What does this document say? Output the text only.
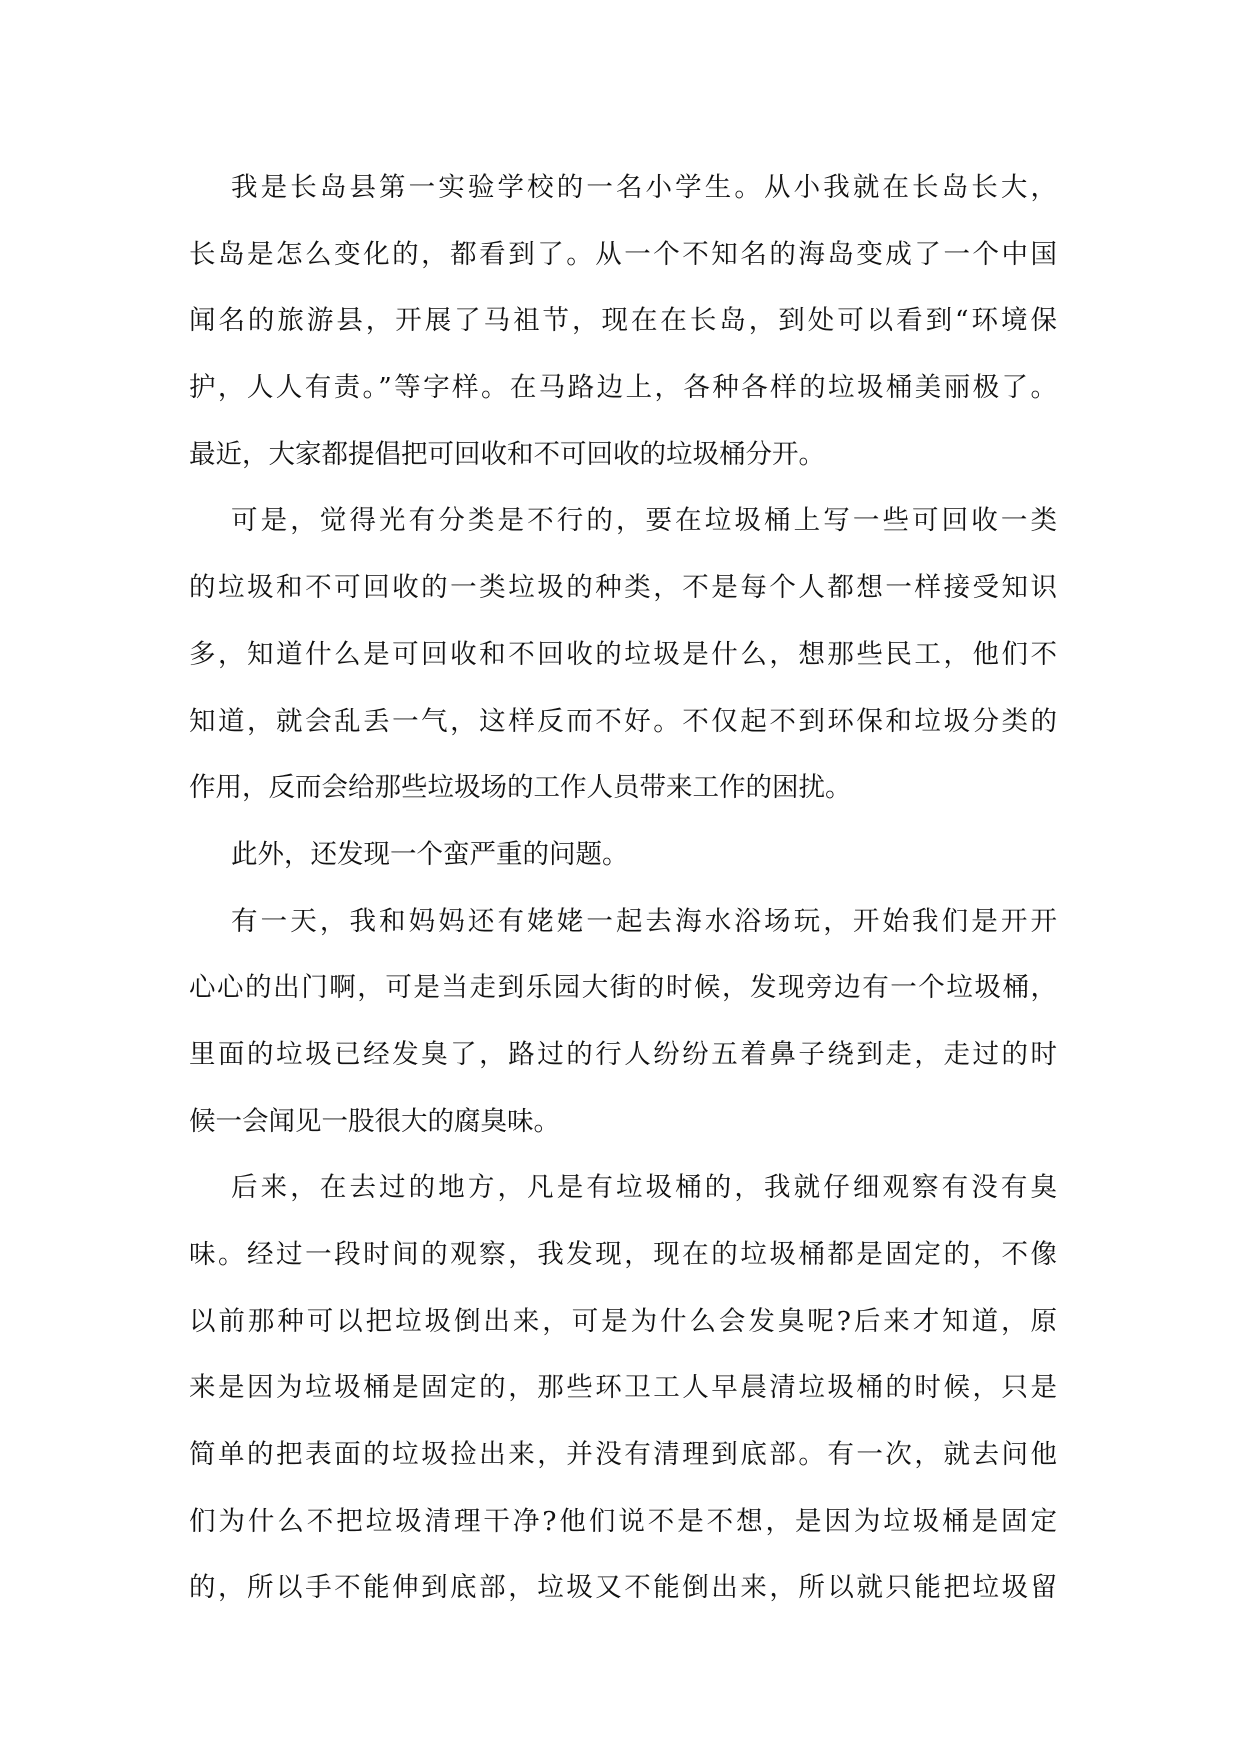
我是长岛县第一实验学校的一名小学生。从小我就在长岛长大，
长岛是怎么变化的，都看到了。从一个不知名的海岛变成了一个中国
闻名的旅游县，开展了马祖节，现在在长岛，到处可以看到“环境保
护，人人有责。”等字样。在马路边上，各种各样的垃圾桶美丽极了。
最近，大家都提倡把可回收和不可回收的垃圾桶分开。
可是，觉得光有分类是不行的，要在垃圾桶上写一些可回收一类
的垃圾和不可回收的一类垃圾的种类，不是每个人都想一样接受知识
多，知道什么是可回收和不回收的垃圾是什么，想那些民工，他们不
知道，就会乱丢一气，这样反而不好。不仅起不到环保和垃圾分类的
作用，反而会给那些垃圾场的工作人员带来工作的困扰。
此外，还发现一个蛮严重的问题。
有一天，我和妈妈还有姥姥一起去海水浴场玩，开始我们是开开
心心的出门啊，可是当走到乐园大街的时候，发现旁边有一个垃圾桶，
里面的垃圾已经发臭了，路过的行人纷纷五着鼻子绕到走，走过的时
候一会闻见一股很大的腐臭味。
后来，在去过的地方，凡是有垃圾桶的，我就仔细观察有没有臭
味。经过一段时间的观察，我发现，现在的垃圾桶都是固定的，不像
以前那种可以把垃圾倒出来，可是为什么会发臭呢?后来才知道，原
来是因为垃圾桶是固定的，那些环卫工人早晨清垃圾桶的时候，只是
简单的把表面的垃圾捡出来，并没有清理到底部。有一次，就去问他
们为什么不把垃圾清理干净?他们说不是不想，是因为垃圾桶是固定
的，所以手不能伸到底部，垃圾又不能倒出来，所以就只能把垃圾留
